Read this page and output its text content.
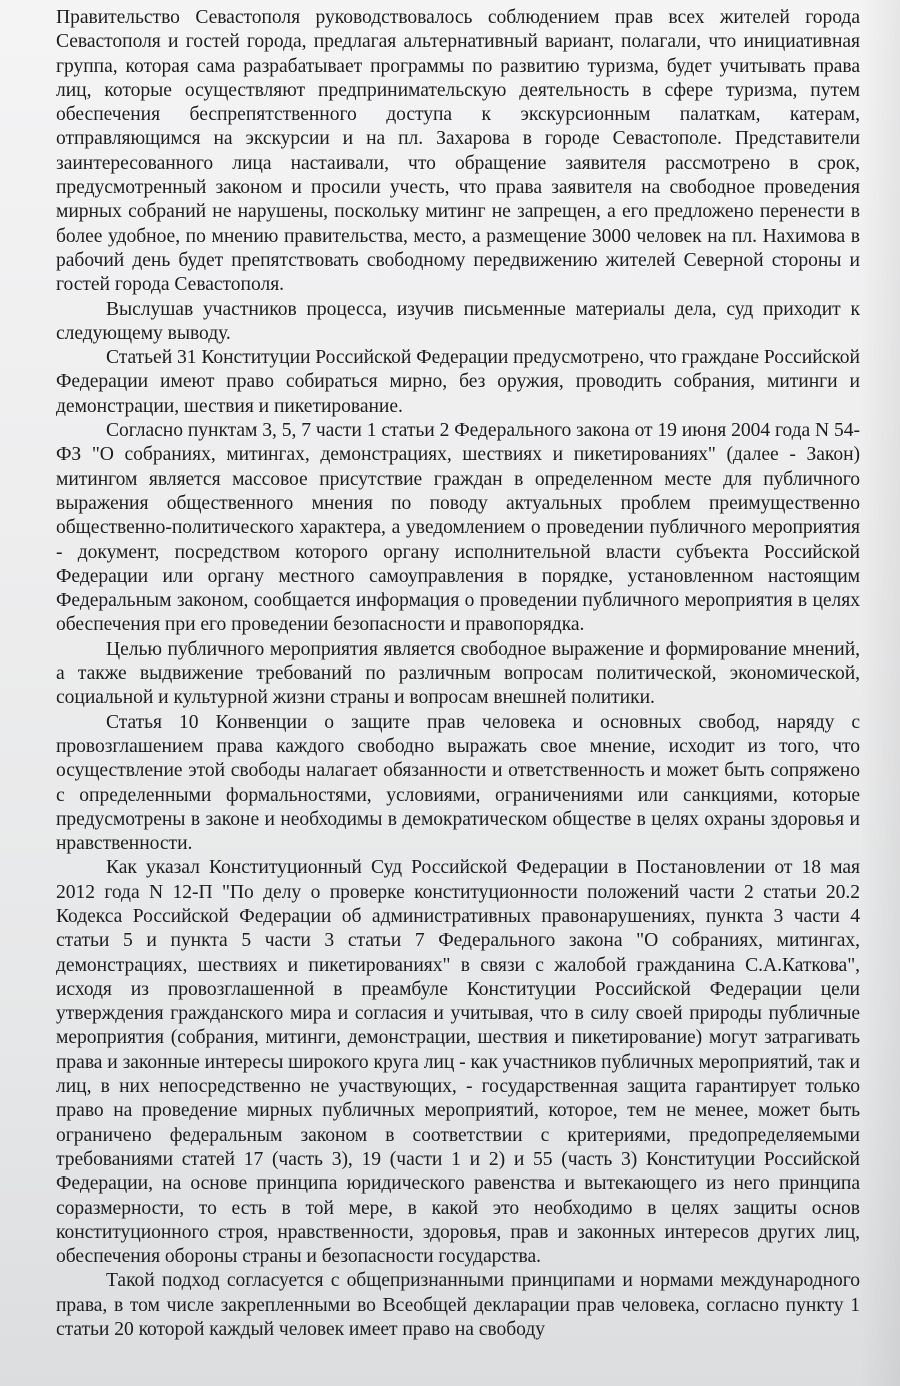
Правительство Севастополя руководствовалось соблюдением прав всех жителей города Севастополя и гостей города, предлагая альтернативный вариант, полагали, что инициативная группа, которая сама разрабатывает программы по развитию туризма, будет учитывать права лиц, которые осуществляют предпринимательскую деятельность в сфере туризма, путем обеспечения беспрепятственного доступа к экскурсионным палаткам, катерам, отправляющимся на экскурсии и на пл. Захарова в городе Севастополе. Представители заинтересованного лица настаивали, что обращение заявителя рассмотрено в срок, предусмотренный законом и просили учесть, что права заявителя на свободное проведения мирных собраний не нарушены, поскольку митинг не запрещен, а его предложено перенести в более удобное, по мнению правительства, место, а размещение 3000 человек на пл. Нахимова в рабочий день будет препятствовать свободному передвижению жителей Северной стороны и гостей города Севастополя.

Выслушав участников процесса, изучив письменные материалы дела, суд приходит к следующему выводу.

Статьей 31 Конституции Российской Федерации предусмотрено, что граждане Российской Федерации имеют право собираться мирно, без оружия, проводить собрания, митинги и демонстрации, шествия и пикетирование.

Согласно пунктам 3, 5, 7 части 1 статьи 2 Федерального закона от 19 июня 2004 года N 54-ФЗ "О собраниях, митингах, демонстрациях, шествиях и пикетированиях" (далее - Закон) митингом является массовое присутствие граждан в определенном месте для публичного выражения общественного мнения по поводу актуальных проблем преимущественно общественно-политического характера, а уведомлением о проведении публичного мероприятия - документ, посредством которого органу исполнительной власти субъекта Российской Федерации или органу местного самоуправления в порядке, установленном настоящим Федеральным законом, сообщается информация о проведении публичного мероприятия в целях обеспечения при его проведении безопасности и правопорядка.

Целью публичного мероприятия является свободное выражение и формирование мнений, а также выдвижение требований по различным вопросам политической, экономической, социальной и культурной жизни страны и вопросам внешней политики.

Статья 10 Конвенции о защите прав человека и основных свобод, наряду с провозглашением права каждого свободно выражать свое мнение, исходит из того, что осуществление этой свободы налагает обязанности и ответственность и может быть сопряжено с определенными формальностями, условиями, ограничениями или санкциями, которые предусмотрены в законе и необходимы в демократическом обществе в целях охраны здоровья и нравственности.

Как указал Конституционный Суд Российской Федерации в Постановлении от 18 мая 2012 года N 12-П "По делу о проверке конституционности положений части 2 статьи 20.2 Кодекса Российской Федерации об административных правонарушениях, пункта 3 части 4 статьи 5 и пункта 5 части 3 статьи 7 Федерального закона "О собраниях, митингах, демонстрациях, шествиях и пикетированиях" в связи с жалобой гражданина С.А.Каткова", исходя из провозглашенной в преамбуле Конституции Российской Федерации цели утверждения гражданского мира и согласия и учитывая, что в силу своей природы публичные мероприятия (собрания, митинги, демонстрации, шествия и пикетирование) могут затрагивать права и законные интересы широкого круга лиц - как участников публичных мероприятий, так и лиц, в них непосредственно не участвующих, - государственная защита гарантирует только право на проведение мирных публичных мероприятий, которое, тем не менее, может быть ограничено федеральным законом в соответствии с критериями, предопределяемыми требованиями статей 17 (часть 3), 19 (части 1 и 2) и 55 (часть 3) Конституции Российской Федерации, на основе принципа юридического равенства и вытекающего из него принципа соразмерности, то есть в той мере, в какой это необходимо в целях защиты основ конституционного строя, нравственности, здоровья, прав и законных интересов других лиц, обеспечения обороны страны и безопасности государства.

Такой подход согласуется с общепризнанными принципами и нормами международного права, в том числе закрепленными во Всеобщей декларации прав человека, согласно пункту 1 статьи 20 которой каждый человек имеет право на свободу
